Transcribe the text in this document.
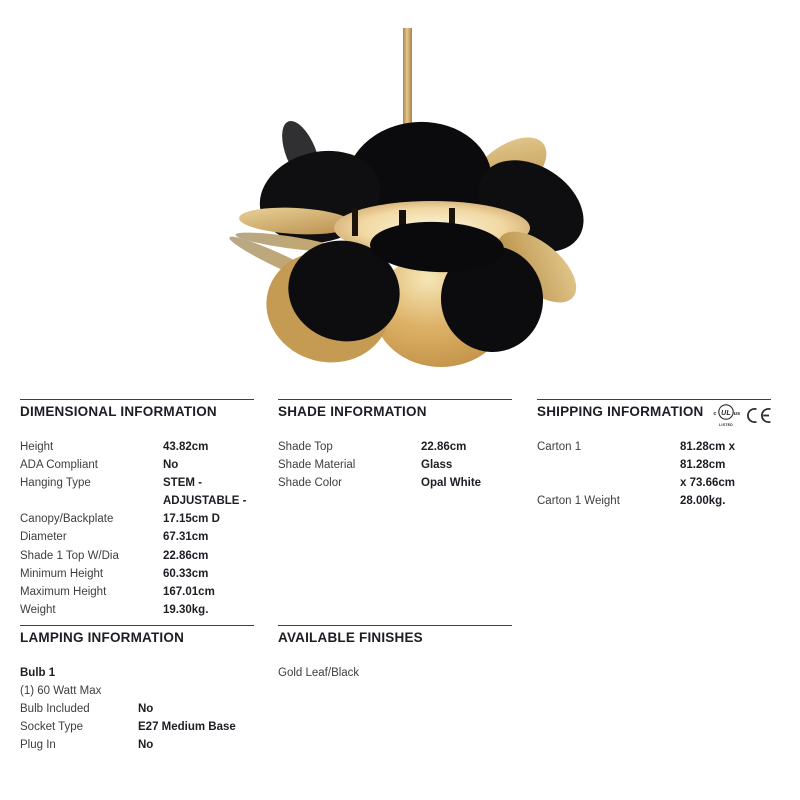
DIMENSIONAL INFORMATION
Height	43.82cm
ADA Compliant	No
Hanging Type	STEM -
ADJUSTABLE -
Canopy/Backplate	17.15cm D
Diameter	67.31cm
Shade 1 Top W/Dia	22.86cm
Minimum Height	60.33cm
Maximum Height	167.01cm
Weight	19.30kg.
SHADE INFORMATION
Shade Top	22.86cm
Shade Material	Glass
Shade Color	Opal White
SHIPPING INFORMATION UL
c	us
LISTED
Carton 1	81.28cm x 81.28cm
x 73.66cm
Carton 1 Weight	28.00kg.
LAMPING INFORMATION
Bulb 1
(1) 60 Watt Max
Bulb Included	No
Socket Type	E27 Medium Base
Plug In	No
AVAILABLE FINISHES
Gold Leaf/Black
